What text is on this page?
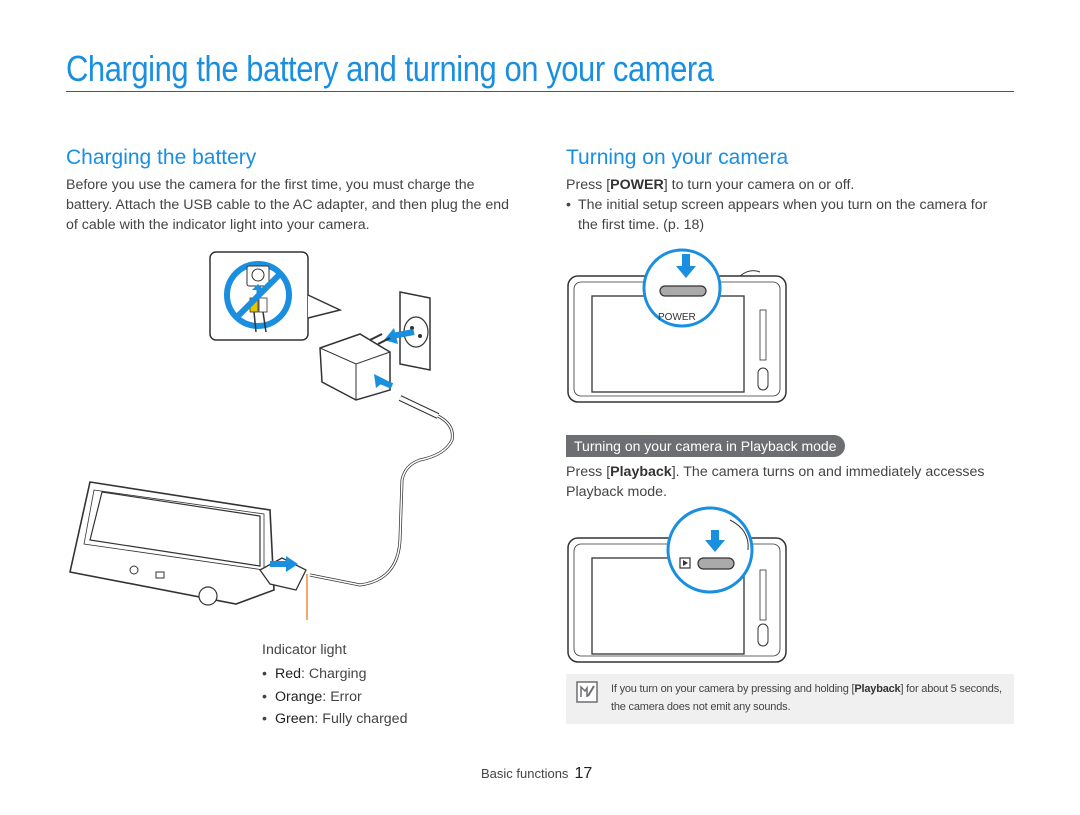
Charging the battery and turning on your camera
Charging the battery
Before you use the camera for the first time, you must charge the battery. Attach the USB cable to the AC adapter, and then plug the end of cable with the indicator light into your camera.
Indicator light
• Red: Charging
• Orange: Error
• Green: Fully charged
Turning on your camera
Press [POWER] to turn your camera on or off.
• The initial setup screen appears when you turn on the camera for the first time. (p. 18)
POWER
Turning on your camera in Playback mode
Press [Playback]. The camera turns on and immediately accesses Playback mode.
If you turn on your camera by pressing and holding [Playback] for about 5 seconds, the camera does not emit any sounds.
Basic functions 17
